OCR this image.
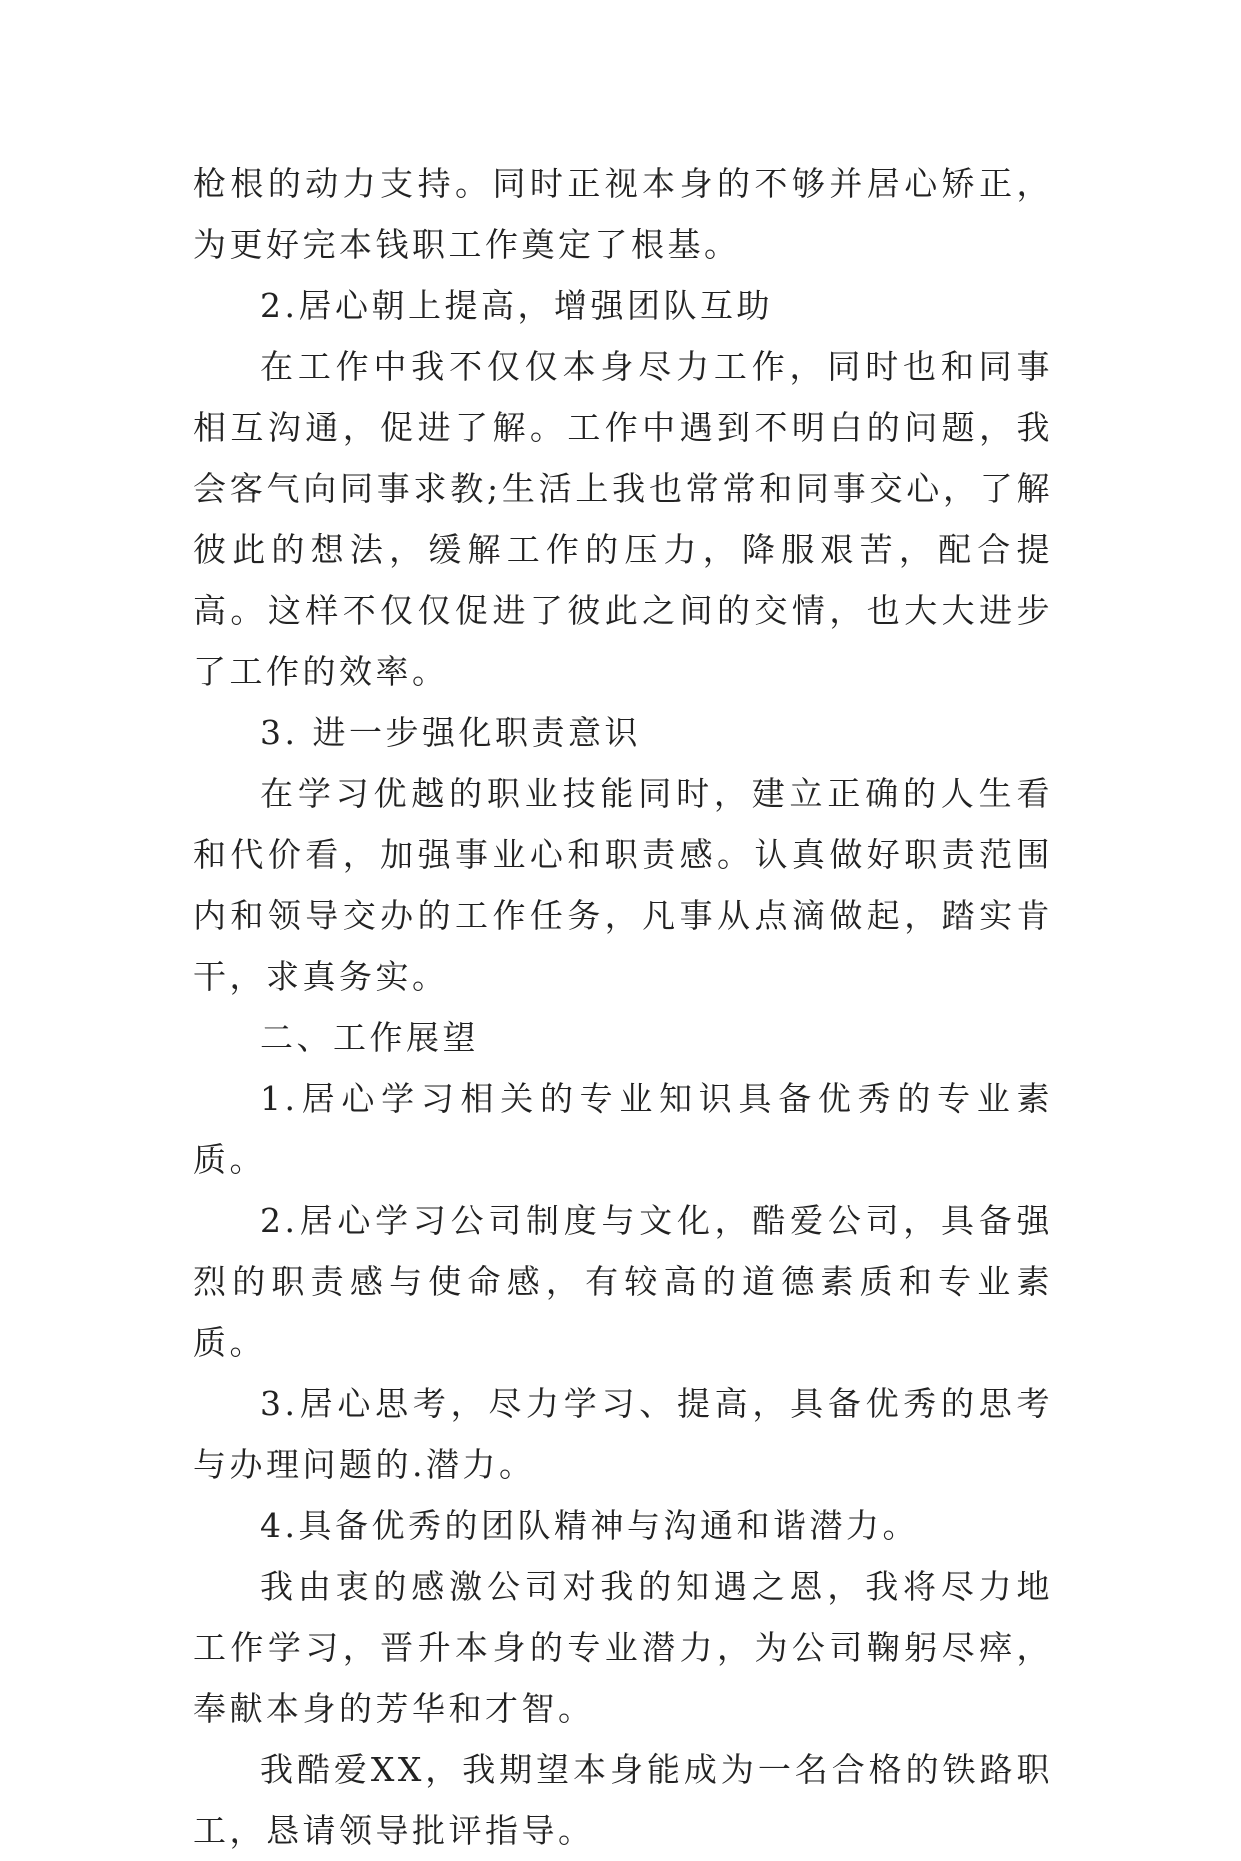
枪根的动力支持。同时正视本身的不够并居心矫正，为更好完本钱职工作奠定了根基。

2.居心朝上提高，增强团队互助

在工作中我不仅仅本身尽力工作，同时也和同事相互沟通，促进了解。工作中遇到不明白的问题，我会客气向同事求教;生活上我也常常和同事交心，了解彼此的想法，缓解工作的压力，降服艰苦，配合提高。这样不仅仅促进了彼此之间的交情，也大大进步了工作的效率。

3. 进一步强化职责意识

在学习优越的职业技能同时，建立正确的人生看和代价看，加强事业心和职责感。认真做好职责范围内和领导交办的工作任务，凡事从点滴做起，踏实肯干，求真务实。

二、工作展望

1.居心学习相关的专业知识具备优秀的专业素质。

2.居心学习公司制度与文化，酷爱公司，具备强烈的职责感与使命感，有较高的道德素质和专业素质。

3.居心思考，尽力学习、提高，具备优秀的思考与办理问题的.潜力。

4.具备优秀的团队精神与沟通和谐潜力。

我由衷的感激公司对我的知遇之恩，我将尽力地工作学习，晋升本身的专业潜力，为公司鞠躬尽瘁，奉献本身的芳华和才智。

我酷爱XX，我期望本身能成为一名合格的铁路职工，恳请领导批评指导。
